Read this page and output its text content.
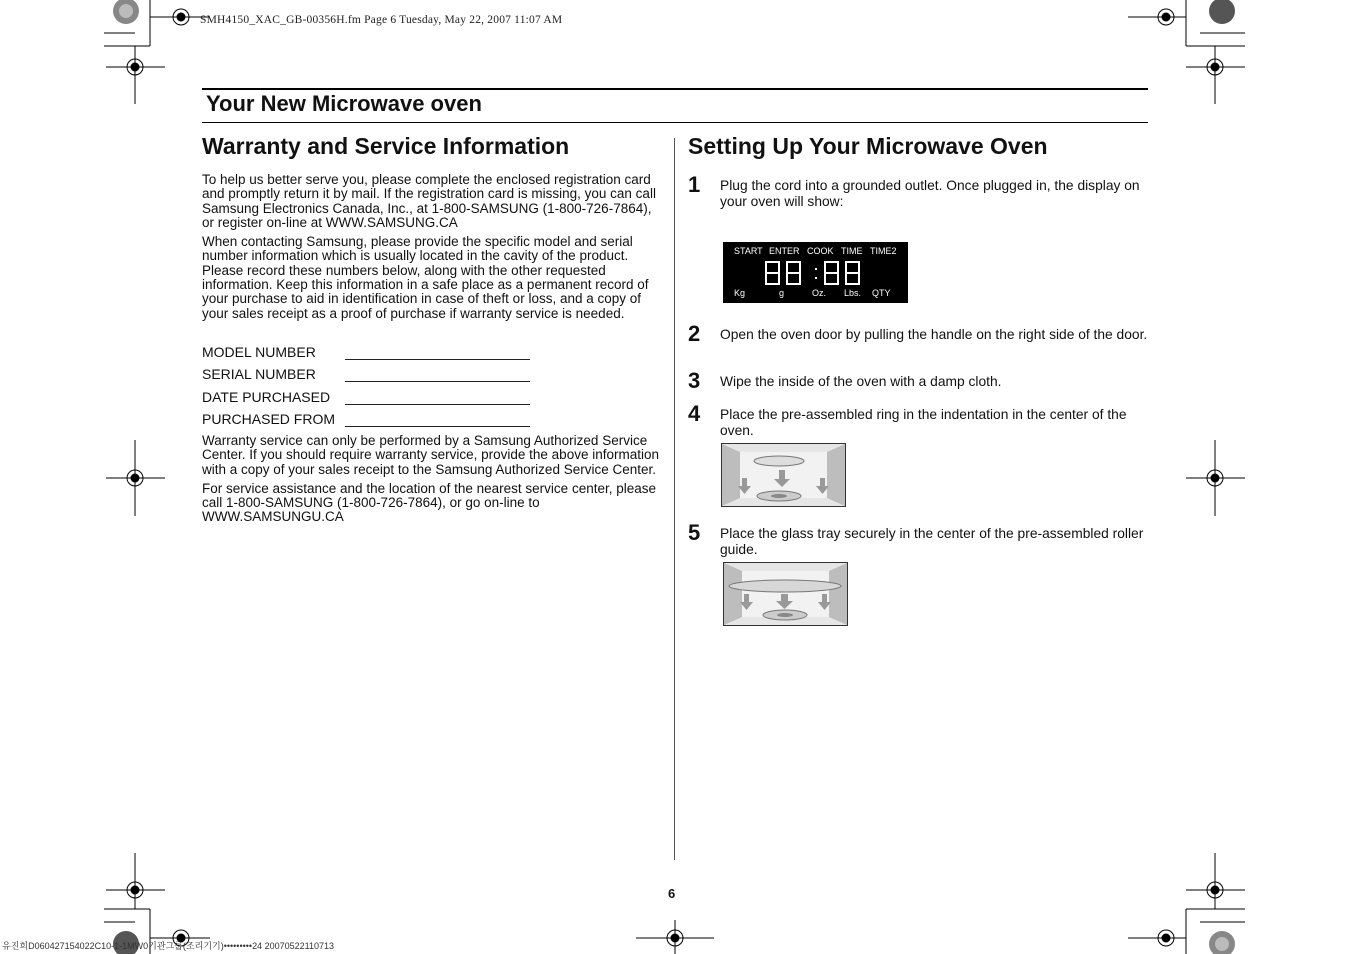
SMH4150_XAC_GB-00356H.fm Page 6 Tuesday, May 22, 2007 11:07 AM
Your New Microwave oven
Warranty and Service Information

To help us better serve you, please complete the enclosed registration card and promptly return it by mail. If the registration card is missing, you can call Samsung Electronics Canada, Inc., at 1-800-SAMSUNG (1-800-726-7864), or register on-line at WWW.SAMSUNG.CA

When contacting Samsung, please provide the specific model and serial number information which is usually located in the cavity of the product. Please record these numbers below, along with the other requested information. Keep this information in a safe place as a permanent record of your purchase to aid in identification in case of theft or loss, and a copy of your sales receipt as a proof of purchase if warranty service is needed.

MODEL NUMBER
SERIAL NUMBER
DATE PURCHASED
PURCHASED FROM

Warranty service can only be performed by a Samsung Authorized Service Center. If you should require warranty service, provide the above information with a copy of your sales receipt to the Samsung Authorized Service Center.

For service assistance and the location of the nearest service center, please call 1-800-SAMSUNG (1-800-726-7864), or go on-line to WWW.SAMSUNGU.CA

Setting Up Your Microwave Oven
1 Plug the cord into a grounded outlet. Once plugged in, the display on your oven will show:
2 Open the oven door by pulling the handle on the right side of the door.
3 Wipe the inside of the oven with a damp cloth.
4 Place the pre-assembled ring in the indentation in the center of the oven.
5 Place the glass tray securely in the center of the pre-assembled roller guide.
START ENTER COOK TIME TIME2
Kg	g	Oz. Lbs. QTY
6
유진희D060427154022C10-1-1MW0기관그룹(조리기기)•••••••••24 20070522110713
